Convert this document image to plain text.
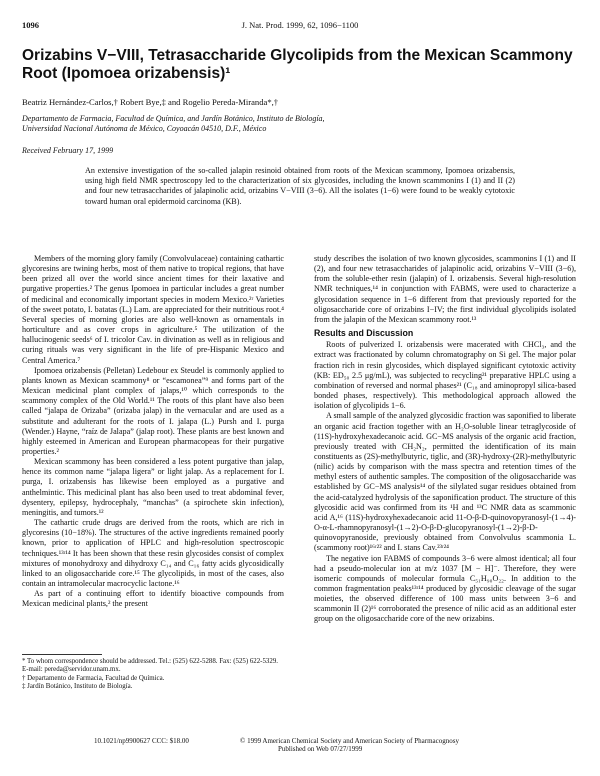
1096	J. Nat. Prod. 1999, 62, 1096−1100
Orizabins V−VIII, Tetrasaccharide Glycolipids from the Mexican Scammony Root (Ipomoea orizabensis)¹
Beatriz Hernández-Carlos,† Robert Bye,‡ and Rogelio Pereda-Miranda*,†
Departamento de Farmacia, Facultad de Química, and Jardín Botánico, Instituto de Biología,
Universidad Nacional Autónoma de México, Coyoacán 04510, D.F., México
Received February 17, 1999
An extensive investigation of the so-called jalapin resinoid obtained from roots of the Mexican scammony, Ipomoea orizabensis, using high field NMR spectroscopy led to the characterization of six glycosides, including the known scammonins I (1) and II (2) and four new tetrasaccharides of jalapinolic acid, orizabins V−VIII (3−6). All the isolates (1−6) were found to be weakly cytotoxic toward human oral epidermoid carcinoma (KB).

Members of the morning glory family (Convolvulaceae) containing cathartic glycoresins are twining herbs, most of them native to tropical regions, that have been prized all over the world since ancient times for their laxative and purgative properties.² The genus Ipomoea in particular includes a great number of medicinal and economically important species in modern Mexico.²ʳ Varieties of the sweet potato, I. batatas (L.) Lam. are appreciated for their nutritious root.⁴ Several species of morning glories are also well-known as ornamentals in horticulture and as cover crops in agriculture.⁵ The utilization of the hallucinogenic seeds⁶ of I. tricolor Cav. in divination as well as in religious and curing rituals was very significant in the life of pre-Hispanic Mexico and Central America.⁷

Ipomoea orizabensis (Pelletan) Ledebour ex Steudel is commonly applied to plants known as Mexican scammony⁸ or “escamonea”⁹ and forms part of the Mexican medicinal plant complex of jalaps,¹⁰ which corresponds to the scammony complex of the Old World.¹¹ The roots of this plant have also been called “jalapa de Orizaba” (orizaba jalap) in the vernacular and are used as a substitute and adulterant for the roots of I. jalapa (L.) Pursh and I. purga (Wender.) Hayne, “raíz de Jalapa” (jalap root). These plants are best known and highly esteemed in American and European pharmacopeas for their purgative properties.²

Mexican scammony has been considered a less potent purgative than jalap, hence its common name “jalapa ligera” or light jalap. As a replacement for I. purga, I. orizabensis has likewise been employed as a purgative and anthelmintic. This medicinal plant has also been used to treat abdominal fever, dysentery, epilepsy, hydrocephaly, “manchas” (a spirochete skin infection), meningitis, and tumors.¹²

The cathartic crude drugs are derived from the roots, which are rich in glycoresins (10−18%). The structures of the active ingredients remained poorly known, prior to application of HPLC and high-resolution spectroscopic techniques.¹³ʳ¹⁴ It has been shown that these resin glycosides consist of complex mixtures of monohydroxy and dihydroxy C₁₄ and C₁₆ fatty acids glycosidically linked to an oligosaccharide core.¹⁵ The glycolipids, in most of the cases, also contain an intramolecular macrocyclic lactone.¹⁶

As part of a continuing effort to identify bioactive compounds from Mexican medicinal plants,² the present

* To whom correspondence should be addressed. Tel.: (525) 622-5288. Fax: (525) 622-5329. E-mail: pereda@servidor.unam.mx.
† Departamento de Farmacia, Facultad de Química.
‡ Jardín Botánico, Instituto de Biología.

study describes the isolation of two known glycosides, scammonins I (1) and II (2), and four new tetrasaccharides of jalapinolic acid, orizabins V−VIII (3−6), from the soluble-ether resin (jalapin) of I. orizabensis. Several high-resolution NMR techniques,¹⁴ in conjunction with FABMS, were used to characterize a glycosidation sequence in 1−6 different from that previously reported for the oligosaccharide core of orizabins I−IV; the first individual glycolipids isolated from the jalapin of the Mexican scammony root.¹³

Results and Discussion

Roots of pulverized I. orizabensis were macerated with CHCl₃, and the extract was fractionated by column chromatography on Si gel. The major polar fraction rich in resin glycosides, which displayed significant cytotoxic activity (KB: ED₅₀ 2.5 μg/mL), was subjected to recycling²¹ preparative HPLC using a combination of reversed and normal phases²¹ (C₁₈ and aminopropyl silica-based bonded phases, respectively). This methodological approach allowed the isolation of glycolipids 1−6.

A small sample of the analyzed glycosidic fraction was saponified to liberate an organic acid fraction together with an H₂O-soluble linear tetraglycoside of (11S)-hydroxyhexadecanoic acid. GC−MS analysis of the organic acid fraction, previously treated with CH₂N₂, permitted the identification of its main constituents as (2S)-methylbutyric, tiglic, and (3R)-hydroxy-(2R)-methylbutyric (nilic) acids by comparison with the mass spectra and retention times of the methyl esters of authentic samples. The composition of the oligosaccharide was established by GC−MS analysis¹⁴ of the silylated sugar residues obtained from the acid-catalyzed hydrolysis of the saponification product. The structure of this glycosidic acid was confirmed from its ¹H and ¹³C NMR data as scammonic acid A,¹⁶ (11S)-hydroxyhexadecanoic acid 11-O-β-D-quinovopyranosyl-(1→4)-O-α-L-rhamnopyranosyl-(1→2)-O-β-D-glucopyranosyl-(1→2)-β-D-quinovopyranoside, previously obtained from Convolvulus scammonia L. (scammony root)¹⁶ʳ²² and I. stans Cav.²³ʳ²⁴

The negative ion FABMS of compounds 3−6 were almost identical; all four had a pseudo-molecular ion at m/z 1037 [M − H]⁻. Therefore, they were isomeric compounds of molecular formula C₅₁H₉₀O₂₂. In addition to the common fragmentation peaks¹³ʳ¹⁴ produced by glycosidic cleavage of the sugar moieties, the observed difference of 100 mass units between 3−6 and scammonin II (2)¹⁶ corroborated the presence of nilic acid as an additional ester group on the oligosaccharide core of the new orizabins.

10.1021/np9900627 CCC: $18.00	© 1999 American Chemical Society and American Society of Pharmacognosy
Published on Web 07/27/1999
